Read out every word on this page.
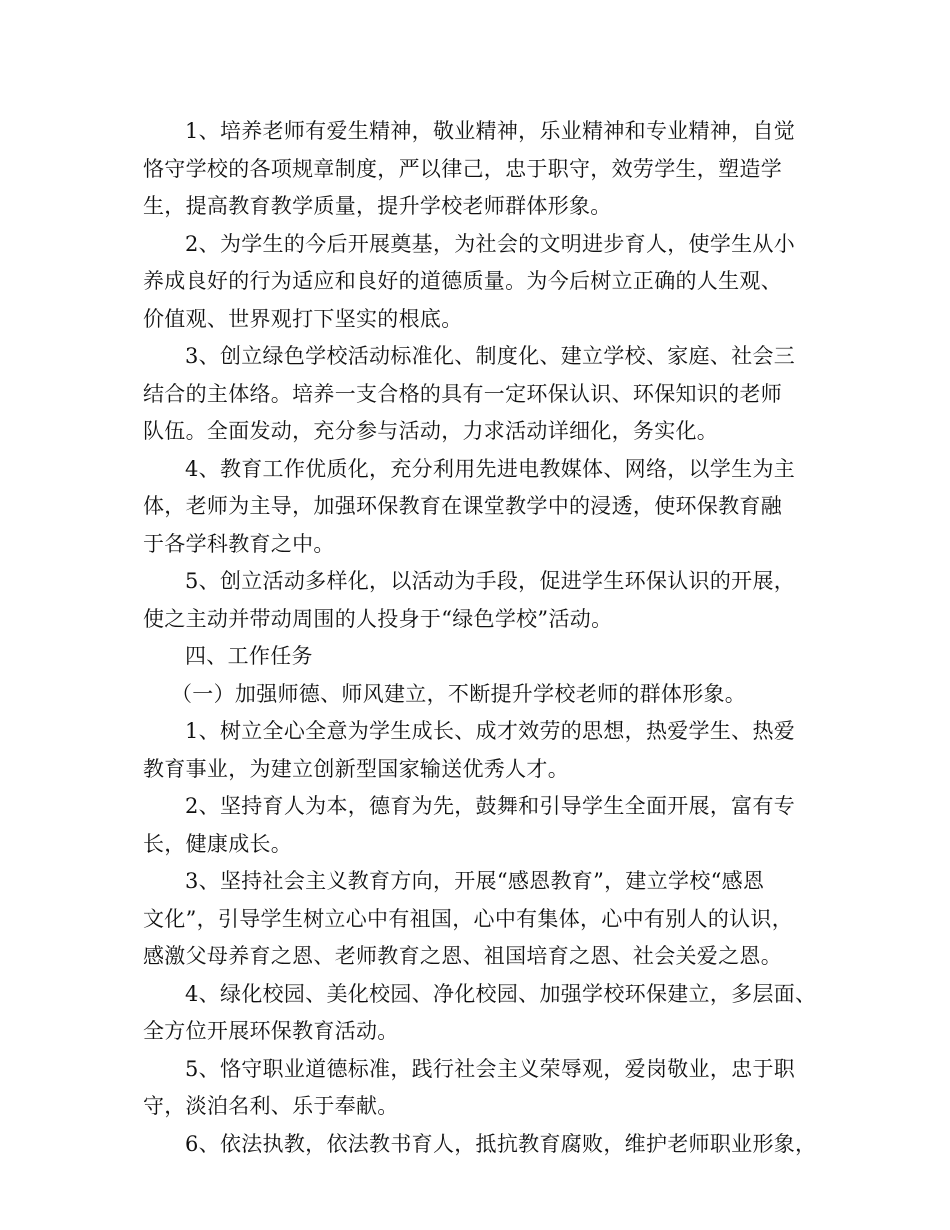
1、培养老师有爱生精神，敬业精神，乐业精神和专业精神，自觉
恪守学校的各项规章制度，严以律己，忠于职守，效劳学生，塑造学
生，提高教育教学质量，提升学校老师群体形象。
2、为学生的今后开展奠基，为社会的文明进步育人，使学生从小
养成良好的行为适应和良好的道德质量。为今后树立正确的人生观、
价值观、世界观打下坚实的根底。
3、创立绿色学校活动标准化、制度化、建立学校、家庭、社会三
结合的主体络。培养一支合格的具有一定环保认识、环保知识的老师
队伍。全面发动，充分参与活动，力求活动详细化，务实化。
4、教育工作优质化，充分利用先进电教媒体、网络，以学生为主
体，老师为主导，加强环保教育在课堂教学中的浸透，使环保教育融
于各学科教育之中。
5、创立活动多样化，以活动为手段，促进学生环保认识的开展，
使之主动并带动周围的人投身于“绿色学校”活动。
四、工作任务
（一）加强师德、师风建立，不断提升学校老师的群体形象。
1、树立全心全意为学生成长、成才效劳的思想，热爱学生、热爱
教育事业，为建立创新型国家输送优秀人才。
2、坚持育人为本，德育为先，鼓舞和引导学生全面开展，富有专
长，健康成长。
3、坚持社会主义教育方向，开展“感恩教育”，建立学校“感恩
文化”，引导学生树立心中有祖国，心中有集体，心中有别人的认识，
感激父母养育之恩、老师教育之恩、祖国培育之恩、社会关爱之恩。
4、绿化校园、美化校园、净化校园、加强学校环保建立，多层面、
全方位开展环保教育活动。
5、恪守职业道德标准，践行社会主义荣辱观，爱岗敬业，忠于职
守，淡泊名利、乐于奉献。
6、依法执教，依法教书育人，抵抗教育腐败，维护老师职业形象，
